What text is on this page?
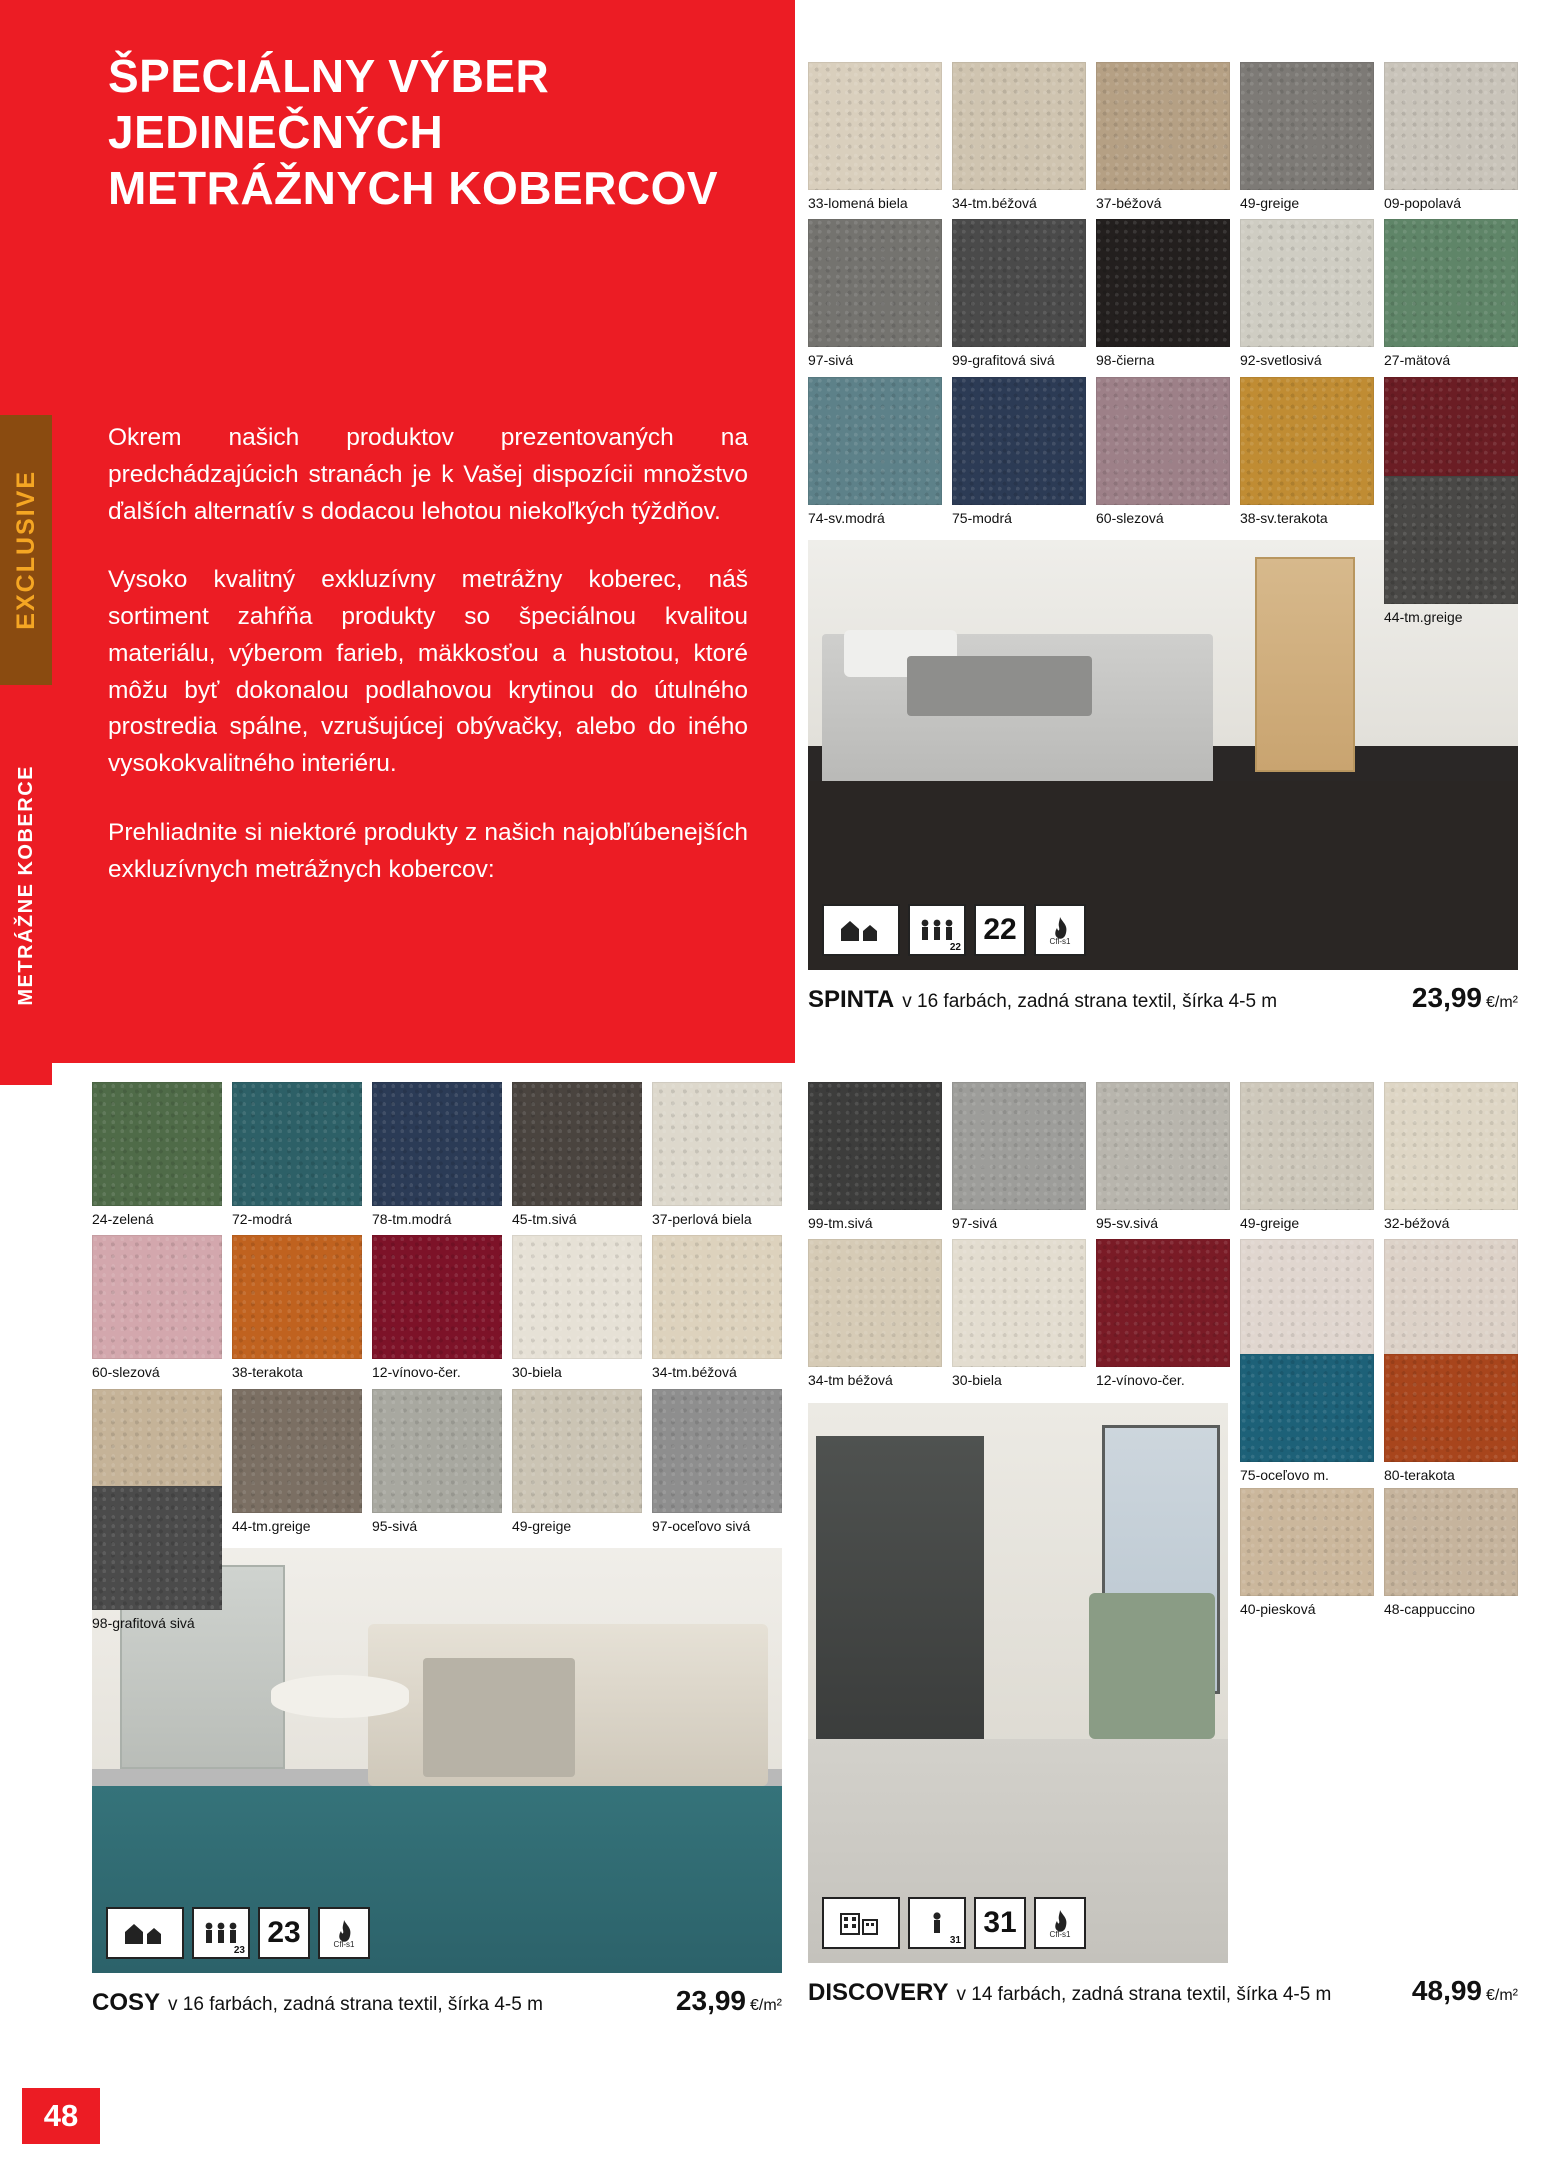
ŠPECIÁLNY VÝBER JEDINEČNÝCH METRÁŽNYCH KOBERCOV

Okrem našich produktov prezentovaných na predchádzajúcich stranách je k Vašej dispozícii množstvo ďalších alternatív s dodacou lehotou niekoľkých týždňov.

Vysoko kvalitný exkluzívny metrážny koberec, náš sortiment zahŕňa produkty so špeciálnou kvalitou materiálu, výberom farieb, mäkkosťou a hustotou, ktoré môžu byť dokonalou podlahovou krytinou do útulného prostredia spálne, vzrušujúcej obývačky, alebo do iného vysokokvalitného interiéru.

Prehliadnite si niektoré produkty z našich najobľúbenejších exkluzívnych metrážnych kobercov:

EXCLUSIVE
METRÁŽNE KOBERCE
48
33-lomená biela	34-tm.béžová	37-béžová	49-greige	09-popolavá
97-sivá	99-grafitová sivá	98-čierna	92-svetlosivá	27-mätová
74-sv.modrá	75-modrá	60-slezová	38-sv.terakota
22
22	Cfl-s1
SPINTA v 16 farbách, zadná strana textil, šírka 4-5 m	23,99 €/m²
44-tm.greige
24-zelená	72-modrá	78-tm.modrá	45-tm.sivá	37-perlová biela
60-slezová	38-terakota	12-vínovo-čer.	30-biela	34-tm.béžová
44-tm.greige	95-sivá	49-greige	97-oceľovo sivá
23
23	Cfl-s1
COSY v 16 farbách, zadná strana textil, šírka 4-5 m	23,99 €/m²
98-grafitová sivá
99-tm.sivá	97-sivá	95-sv.sivá	49-greige	32-béžová
34-tm béžová	30-biela	12-vínovo-čer.
31
31	Cfl-s1
DISCOVERY v 14 farbách, zadná strana textil, šírka 4-5 m	48,99 €/m²
75-oceľovo m.	80-terakota
40-piesková	48-cappuccino
